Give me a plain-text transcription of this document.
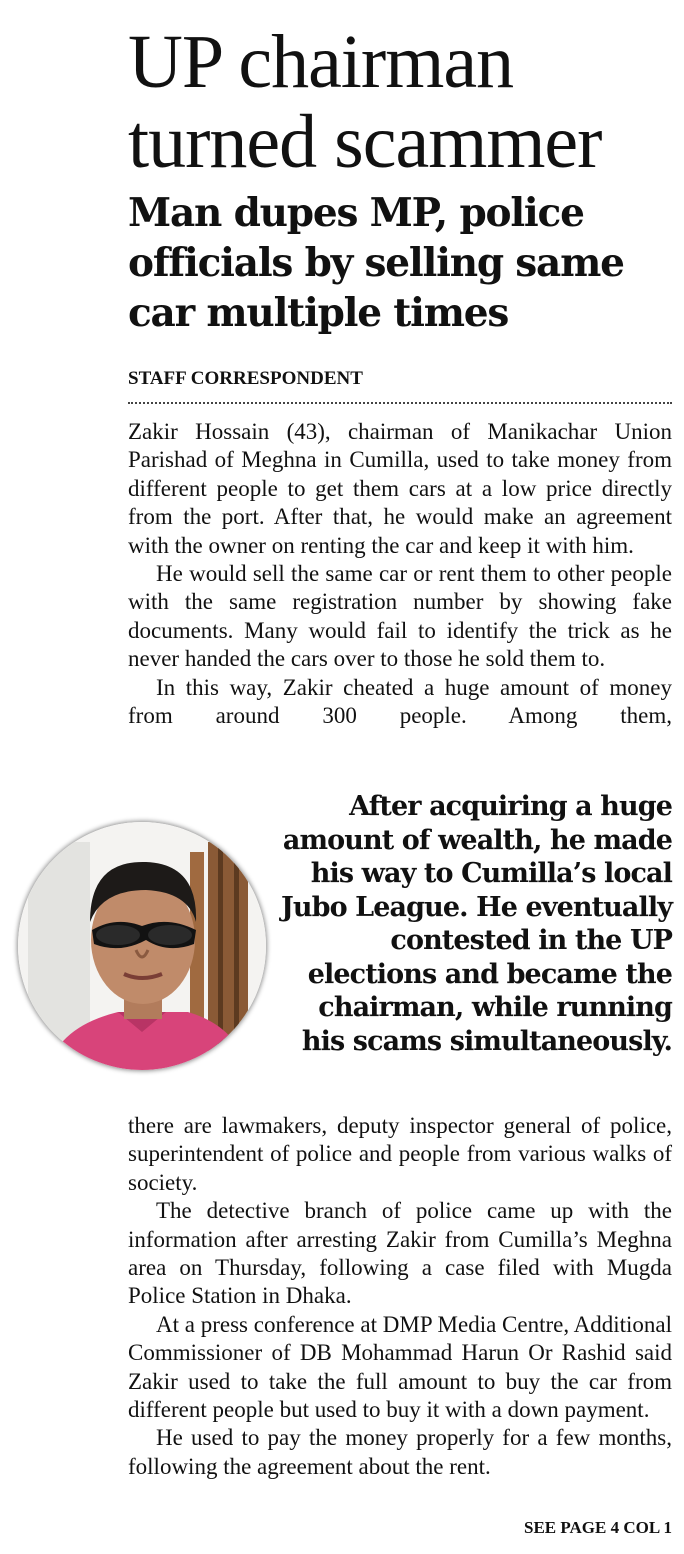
UP chairman turned scammer
Man dupes MP, police officials by selling same car multiple times
STAFF CORRESPONDENT

Zakir Hossain (43), chairman of Manikachar Union Parishad of Meghna in Cumilla, used to take money from different people to get them cars at a low price directly from the port. After that, he would make an agreement with the owner on renting the car and keep it with him.

He would sell the same car or rent them to other people with the same registration number by showing fake documents. Many would fail to identify the trick as he never handed the cars over to those he sold them to.

In this way, Zakir cheated a huge amount of money from around 300 people. Among them,

After acquiring a huge amount of wealth, he made his way to Cumilla’s local Jubo League. He eventually contested in the UP elections and became the chairman, while running his scams simultaneously.

there are lawmakers, deputy inspector general of police, superintendent of police and people from various walks of society.

The detective branch of police came up with the information after arresting Zakir from Cumilla’s Meghna area on Thursday, following a case filed with Mugda Police Station in Dhaka.

At a press conference at DMP Media Centre, Additional Commissioner of DB Mohammad Harun Or Rashid said Zakir used to take the full amount to buy the car from different people but used to buy it with a down payment.

He used to pay the money properly for a few months, following the agreement about the rent.

SEE PAGE 4 COL 1
